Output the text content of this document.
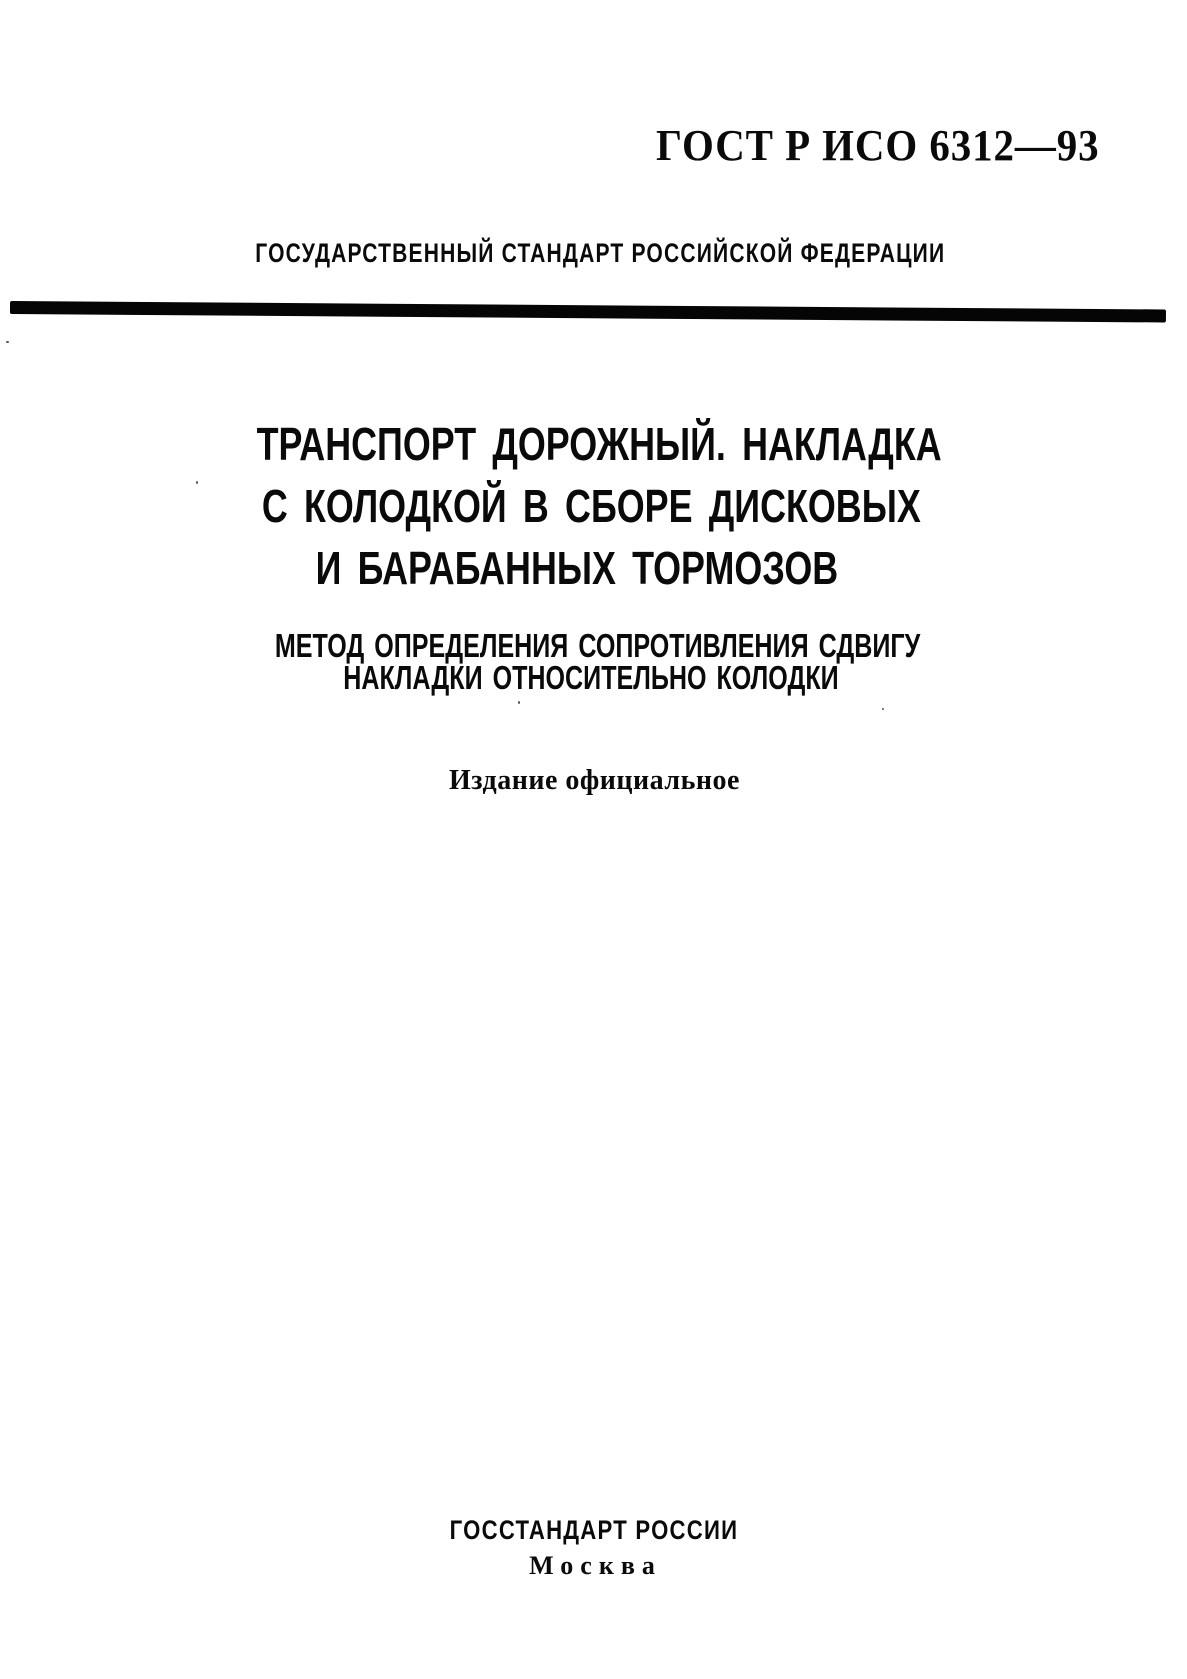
ГОСТ Р ИСО 6312—93
ГОСУДАРСТВЕННЫЙ СТАНДАРТ РОССИЙСКОЙ ФЕДЕРАЦИИ
ТРАНСПОРТ ДОРОЖНЫЙ. НАКЛАДКА
С КОЛОДКОЙ В СБОРЕ ДИСКОВЫХ
И БАРАБАННЫХ ТОРМОЗОВ
МЕТОД ОПРЕДЕЛЕНИЯ СОПРОТИВЛЕНИЯ СДВИГУ
НАКЛАДКИ ОТНОСИТЕЛЬНО КОЛОДКИ
Издание официальное
ГОССТАНДАРТ РОССИИ
Москва
